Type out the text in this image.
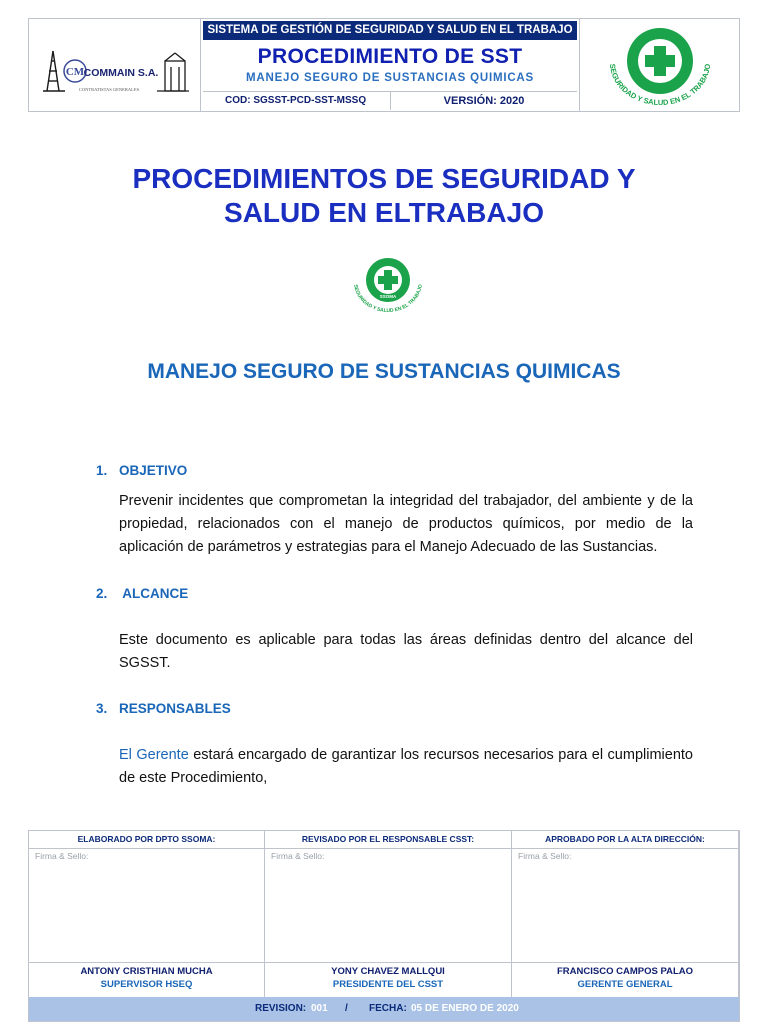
CM COMMAIN S.A.
CONTRATISTAS GENERALES
SISTEMA DE GESTIÓN DE SEGURIDAD Y SALUD EN EL TRABAJO
PROCEDIMIENTO DE SST
MANEJO SEGURO DE SUSTANCIAS QUIMICAS
COD: SGSST-PCD-SST-MSSQ	VERSIÓN: 2020
PREVENCIÓN DE RIESGOS LABORALES
SEGURIDAD Y SALUD EN EL TRABAJO
PROCEDIMIENTOS DE SEGURIDAD Y
SALUD EN ELTRABAJO
REVENCIÓN DE RIESGOS LABORALE
SSOMA
SEGURIDAD Y SALUD EN EL TRABAJO
MANEJO SEGURO DE SUSTANCIAS QUIMICAS
1. OBJETIVO
Prevenir incidentes que comprometan la integridad del trabajador, del ambiente y de la propiedad, relacionados con el manejo de productos químicos, por medio de la aplicación de parámetros y estrategias para el Manejo Adecuado de las Sustancias.
2. ALCANCE
Este documento es aplicable para todas las áreas definidas dentro del alcance del SGSST.
3. RESPONSABLES
El Gerente estará encargado de garantizar los recursos necesarios para el cumplimiento de este Procedimiento,
ELABORADO POR DPTO SSOMA:
Firma & Sello:
ANTONY CRISTHIAN MUCHA
SUPERVISOR HSEQ
REVISADO POR EL RESPONSABLE CSST:
Firma & Sello:
YONY CHAVEZ MALLQUI
PRESIDENTE DEL CSST
APROBADO POR LA ALTA DIRECCIÓN:
Firma & Sello:
FRANCISCO CAMPOS PALAO
GERENTE GENERAL
REVISION: 001 / FECHA: 05 DE ENERO DE 2020
